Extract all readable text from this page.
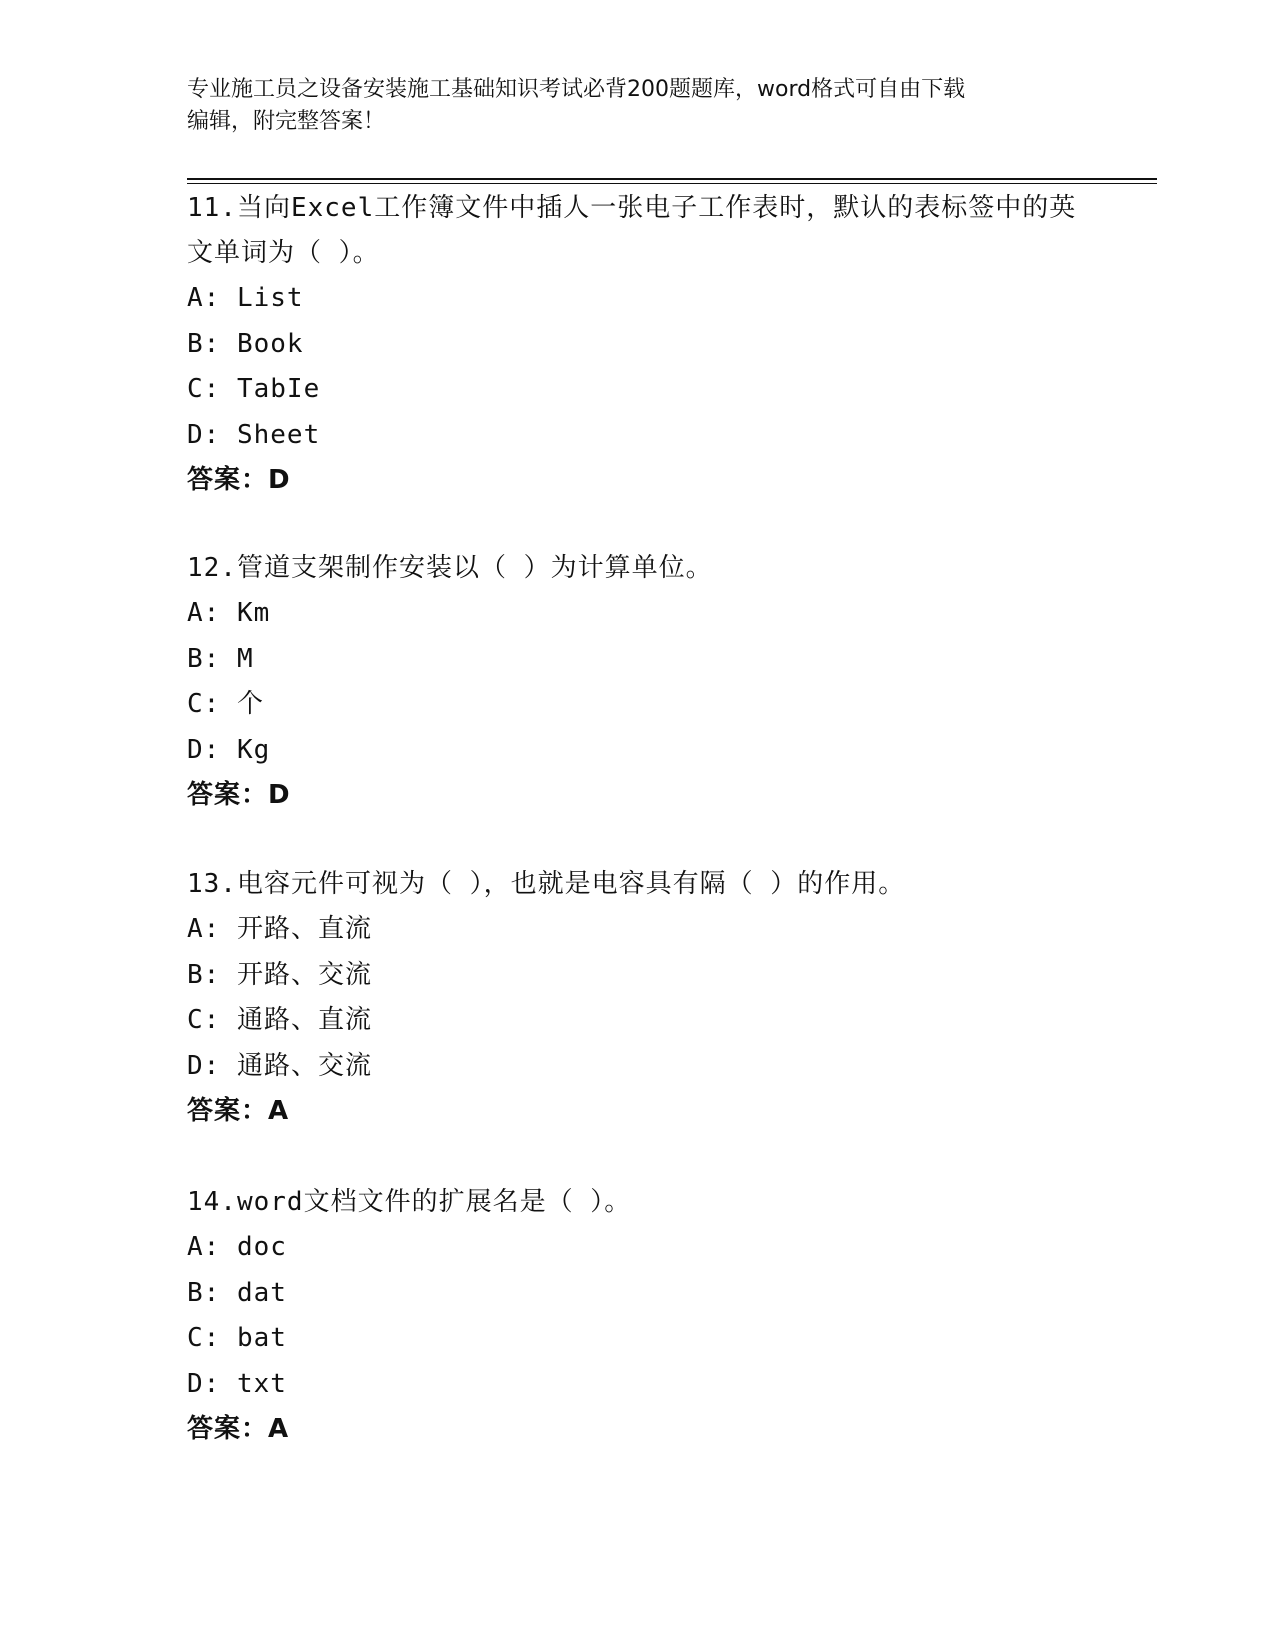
专业施工员之设备安装施工基础知识考试必背200题题库，word格式可自由下载
编辑，附完整答案！
11.当向Excel工作簿文件中插人一张电子工作表时，默认的表标签中的英文单词为（ ）。
A: List
B: Book
C: TabIe
D: Sheet
答案：D
12.管道支架制作安装以（ ）为计算单位。
A: Km
B: M
C: 个
D: Kg
答案：D
13.电容元件可视为（ ），也就是电容具有隔（ ）的作用。
A: 开路、直流
B: 开路、交流
C: 通路、直流
D: 通路、交流
答案：A
14.word文档文件的扩展名是（ ）。
A: doc
B: dat
C: bat
D: txt
答案：A
